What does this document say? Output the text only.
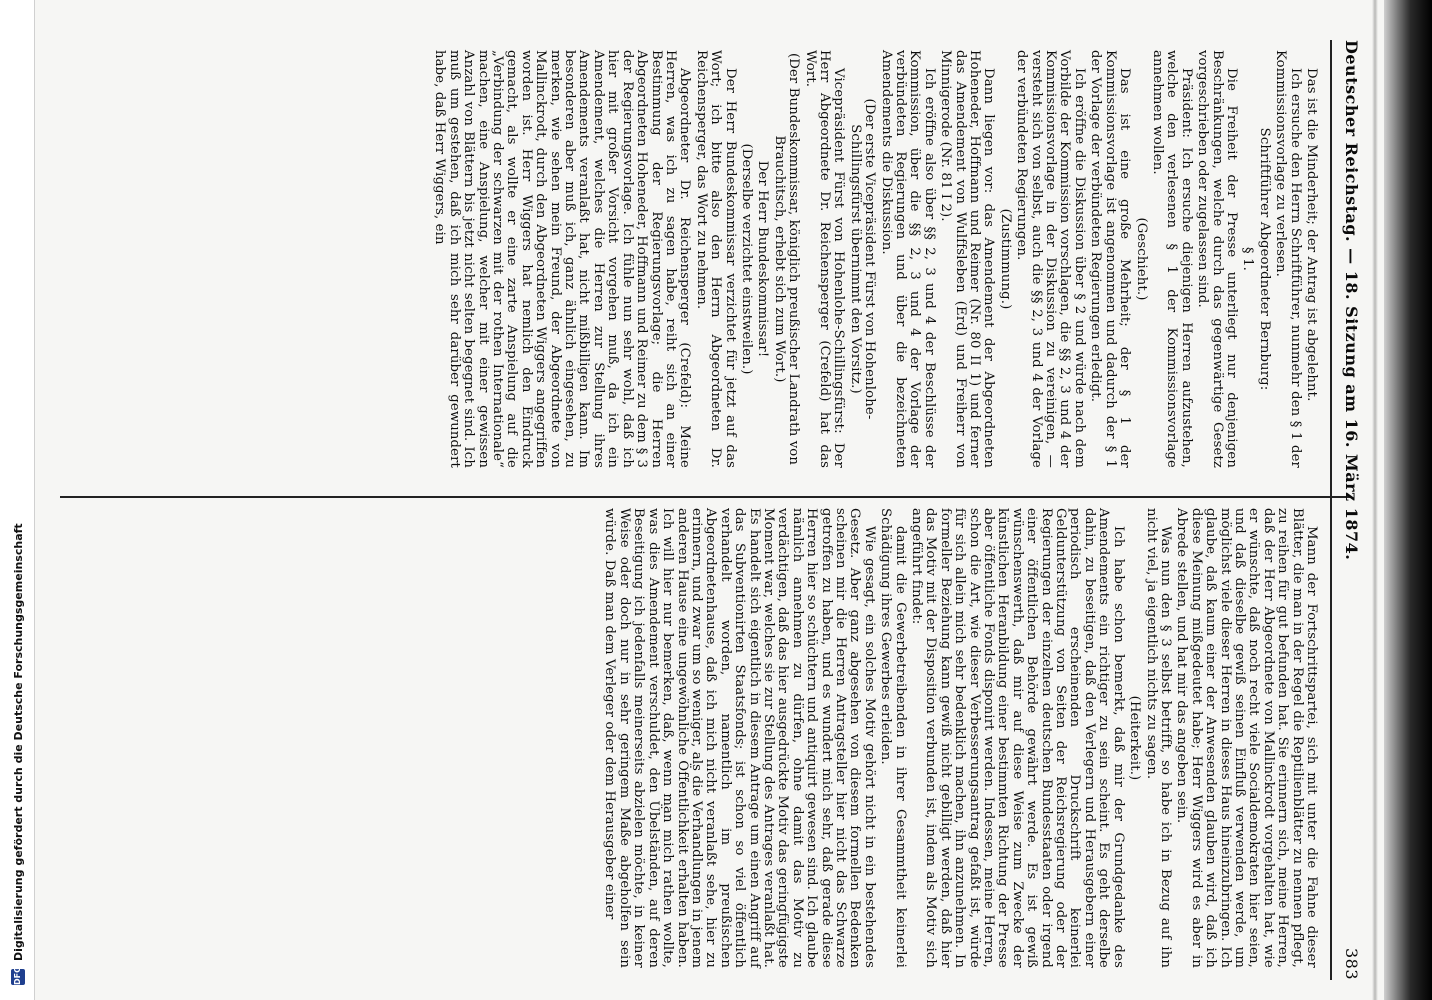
DFG
Digitalisierung gefördert durch die Deutsche Forschungsgemeinschaft
Deutscher Reichstag. — 18. Sitzung am 16. März 1874.
383

Das ist die Minderheit; der Antrag ist abgelehnt.

Ich ersuche den Herrn Schriftführer, nunmehr den § 1 der Kommissionsvorlage zu verlesen.

Schriftführer Abgeordneter Bernburg:

§ 1.

Die Freiheit der Presse unterliegt nur denjenigen Beschränkungen, welche durch das gegenwärtige Gesetz vorgeschrieben oder zugelassen sind.

Präsident: Ich ersuche diejenigen Herren aufzustehen, welche den verlesenen § 1 der Kommissionsvorlage annehmen wollen.

(Geschieht.)

Das ist eine große Mehrheit; der § 1 der Kommissionsvorlage ist angenommen und dadurch der § 1 der Vorlage der verbündeten Regierungen erledigt.

Ich eröffne die Diskussion über § 2 und würde nach dem Vorbilde der Kommission vorschlagen, die §§ 2, 3 und 4 der Kommissionsvorlage in der Diskussion zu vereinigen, — versteht sich von selbst, auch die §§ 2, 3 und 4 der Vorlage der verbündeten Regierungen.

(Zustimmung.)

Dann liegen vor: das Amendement der Abgeordneten Hoheneder, Hoffmann und Reimer (Nr. 80 II 1) und ferner das Amendement von Wulffsleben (Erd) und Freiherr von Minnigerode (Nr. 81 I 2).

Ich eröffne also über §§ 2, 3 und 4 der Beschlüsse der Kommission, über die §§ 2, 3 und 4 der Vorlage der verbündeten Regierungen und über die bezeichneten Amendements die Diskussion.

(Der erste Vicepräsident Fürst von Hohenlohe-Schillingsfürst übernimmt den Vorsitz.)

Vicepräsident Fürst von Hohenlohe-Schillingsfürst: Der Herr Abgeordnete Dr. Reichensperger (Crefeld) hat das Wort.

(Der Bundeskommissar, königlich preußischer Landrath von Brauchitsch, erhebt sich zum Wort.)

Der Herr Bundeskommissar!

(Derselbe verzichtet einstweilen.)

Der Herr Bundeskommissar verzichtet für jetzt auf das Wort; ich bitte also den Herrn Abgeordneten Dr. Reichensperger, das Wort zu nehmen.

Abgeordneter Dr. Reichensperger (Crefeld): Meine Herren, was ich zu sagen habe, reiht sich an einer Bestimmung der Regierungsvorlage; die Herren Abgeordneten Hoheneder, Hoffmann und Reimer zu dem § 3 der Regierungsvorlage. Ich fühle nun sehr wohl, daß ich hier mit großer Vorsicht vorgehen muß, da ich ein Amendement, welches die Herren zur Stellung ihres Amendements veranlaßt hat, nicht mißbilligen kann. Im besonderen aber muß ich, ganz ähnlich eingesehen, zu merken, wie sehen mein Freund, der Abgeordnete von Mallinckrodt, durch den Abgeordneten Wiggers angegriffen worden ist. Herr Wiggers hat nemlich den Eindruck gemacht, als wollte er eine zarte Anspielung auf die „Verbindung der schwarzen mit der rothen Internationale“ machen, eine Anspielung, welcher mit einer gewissen Anzahl von Blättern bis jetzt nicht selten begegnet sind. Ich muß um gestehen, daß ich mich sehr darüber gewundert habe, daß Herr Wiggers, ein

Mann der Fortschrittspartei, sich mit unter die Fahne dieser Blätter, die man in der Regel die Reptilienblätter zu nennen pflegt, zu reihen für gut befunden hat. Sie erinnern sich, meine Herren, daß der Herr Abgeordnete von Mallinckrodt vorgehalten hat, wie er wünschte, daß noch recht viele Socialdemokraten hier seien, und daß dieselbe gewiß seinen Einfluß verwenden werde, um möglichst viele dieser Herren in dieses Haus hineinzubringen. Ich glaube, daß kaum einer der Anwesenden glauben wird, daß ich diese Meinung mißgedeutet habe; Herr Wiggers wird es aber in Abrede stellen, und hat mir das angeben sein.

Was nun den § 3 selbst betrifft, so habe ich in Bezug auf ihn nicht viel, ja eigentlich nichts zu sagen.

(Heiterkeit.)

Ich habe schon bemerkt, daß mir der Grundgedanke des Amendements ein richtiger zu sein scheint. Es geht derselbe dahin, zu beseitigen, daß den Verlegern und Herausgebern einer periodisch erscheinenden Druckschrift keinerlei Geldunterstützung von Seiten der Reichsregierung oder der Regierungen der einzelnen deutschen Bundesstaaten oder irgend einer öffentlichen Behörde gewährt werde. Es ist gewiß wünschenswerth, daß mir auf diese Weise zum Zwecke der künstlichen Heranbildung einer bestimmten Richtung der Presse aber öffentliche Fonds disponirt werden. Indessen, meine Herren, schon die Art, wie dieser Verbesserungsantrag gefaßt ist, würde für sich allein mich sehr bedenklich machen, ihn anzunehmen. In formeller Beziehung kann gewiß nicht gebilligt werden, daß hier das Motiv mit der Disposition verbunden ist, indem als Motiv sich angeführt findet:

damit die Gewerbetreibenden in ihrer Gesammtheit keinerlei Schädigung ihres Gewerbes erleiden.

Wie gesagt, ein solches Motiv gehört nicht in ein bestehendes Gesetz. Aber ganz abgesehen von diesem formellen Bedenken scheinen mir die Herren Antragsteller hier nicht das Schwarze getroffen zu haben, und es wundert mich sehr, daß gerade diese Herren hier so schüchtern und antiquirt gewesen sind. Ich glaube nämlich annehmen zu dürfen, ohne damit das Motiv zu verdächtigen, daß das hier ausgedrückte Motiv das geringfügigste Moment war, welches sie zur Stellung des Antrages veranlaßt hat. Es handelt sich eigentlich in diesem Antrage um einen Angriff auf das Subventionirten Staatsfonds; ist schon so viel öffentlich verhandelt worden, namentlich im preußischen Abgeordnetenhause, daß ich mich nicht veranlaßt sehe, hier zu erinnern, und zwar um so weniger, als die Verhandlungen in jenem anderen Hause eine ungewöhnliche Öffentlichkeit erhalten haben. Ich will hier nur bemerken, daß, wenn man mich rathen wollte, was dies Amendement verschuldet, den Übelständen, auf deren Beseitigung ich jedenfalls meinerseits abzielen möchte, in keiner Weise oder doch nur in sehr geringem Maße abgeholfen sein würde. Daß man dem Verleger oder dem Herausgeber einer
